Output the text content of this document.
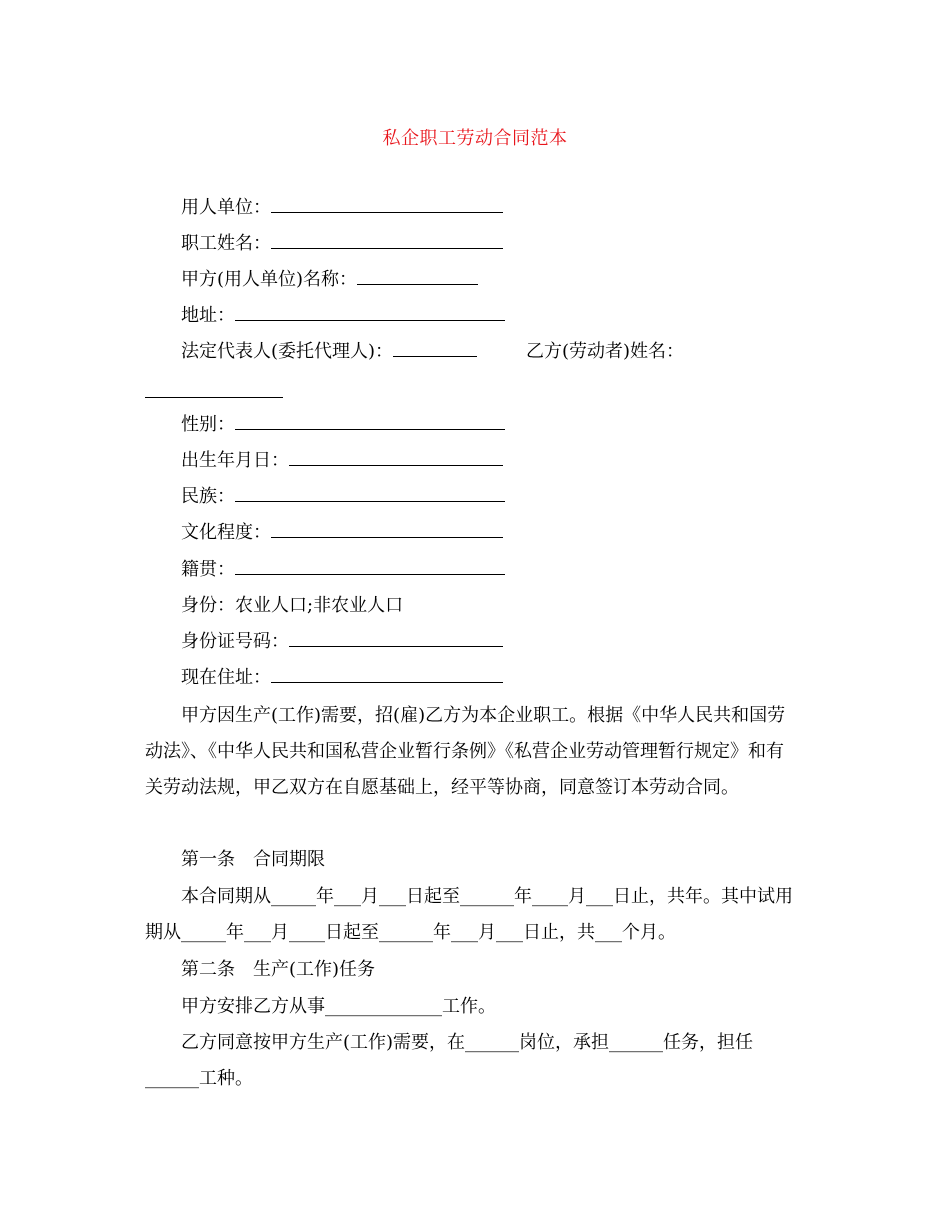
私企职工劳动合同范本
用人单位：
职工姓名：
甲方(用人单位)名称：
地址：
法定代表人(委托代理人)：	乙方(劳动者)姓名：
性别：
出生年月日：
民族：
文化程度：
籍贯：
身份：农业人口;非农业人口
身份证号码：
现在住址：
甲方因生产(工作)需要，招(雇)乙方为本企业职工。根据《中华人民共和国劳动法》、《中华人民共和国私营企业暂行条例》《私营企业劳动管理暂行规定》和有关劳动法规，甲乙双方在自愿基础上，经平等协商，同意签订本劳动合同。
第一条　合同期限
本合同期从_____年___月___日起至______年____月___日止，共年。其中试用期从_____年___月____日起至______年___月___日止，共___个月。
第二条　生产(工作)任务
甲方安排乙方从事_____________工作。
乙方同意按甲方生产(工作)需要，在______岗位，承担______任务，担任______工种。
